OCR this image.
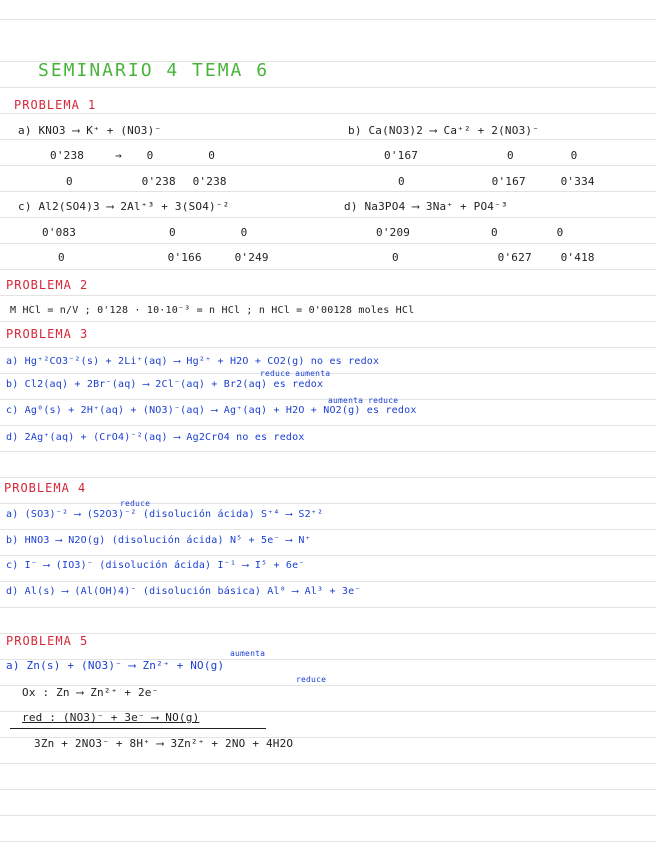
SEMINARIO 4 TEMA 6
PROBLEMA 1
a) KNO3 ⟶ K⁺ + (NO3)⁻
0'238	→ 0	0
0	0'238 0'238
b) Ca(NO3)2 ⟶ Ca⁺² + 2(NO3)⁻
0'167	0	0
0	0'167	0'334
c) Al2(SO4)3 ⟶ 2Al⁺³ + 3(SO4)⁻²
0'083	0	0
0	0'166	0'249
d) Na3PO4 ⟶ 3Na⁺ + PO4⁻³
0'209	0	0
0	0'627	0'418
PROBLEMA 2
M HCl = n/V ; 0'128 · 10·10⁻³ = n HCl ; n HCl = 0'00128 moles HCl
PROBLEMA 3
a) Hg⁺²CO3⁻²(s) + 2Li⁺(aq) ⟶ Hg²⁺ + H2O + CO2(g) no es redox
reduce aumenta
b) Cl2(aq) + 2Br⁻(aq) ⟶ 2Cl⁻(aq) + Br2(aq) es redox
aumenta reduce
c) Ag⁰(s) + 2H⁺(aq) + (NO3)⁻(aq) ⟶ Ag⁺(aq) + H2O + NO2(g) es redox
d) 2Ag⁺(aq) + (CrO4)⁻²(aq) ⟶ Ag2CrO4 no es redox
PROBLEMA 4
reduce
a) (SO3)⁻² ⟶ (S2O3)⁻² (disolución ácida) S⁺⁴ ⟶ S2⁺²
b) HNO3 ⟶ N2O(g) (disolución ácida) N⁵ + 5e⁻ ⟶ N⁺
c) I⁻ ⟶ (IO3)⁻ (disolución ácida) I⁻¹ ⟶ I⁵ + 6e⁻
d) Al(s) ⟶ (Al(OH)4)⁻ (disolución básica) Al⁰ ⟶ Al³ + 3e⁻
PROBLEMA 5
aumenta
a) Zn(s) + (NO3)⁻ ⟶ Zn²⁺ + NO(g)
reduce
Ox : Zn ⟶ Zn²⁺ + 2e⁻
red : (NO3)⁻ + 3e⁻ ⟶ NO(g)
3Zn + 2NO3⁻ + 8H⁺ ⟶ 3Zn²⁺ + 2NO + 4H2O
